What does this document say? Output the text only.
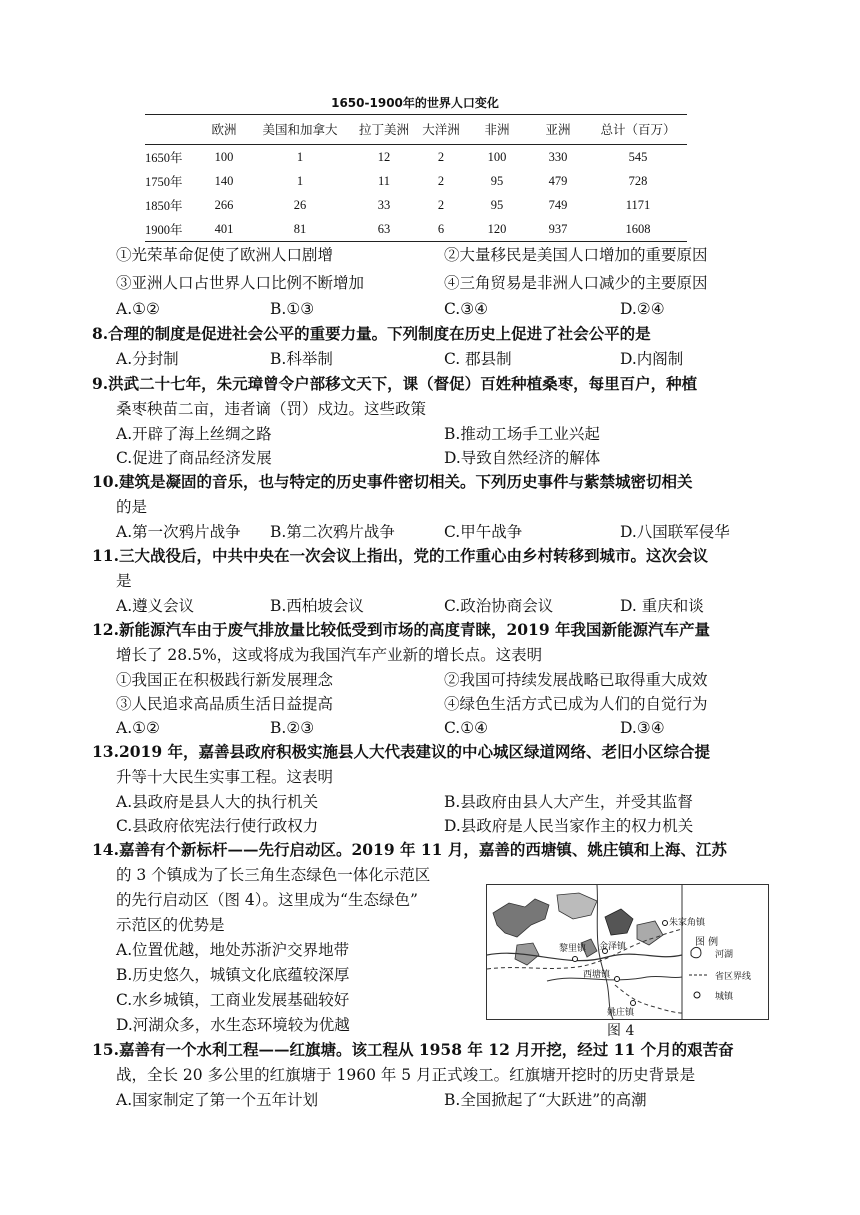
1650-1900年的世界人口变化
	欧洲	美国和加拿大	拉丁美洲	大洋洲	非洲	亚洲	总计（百万）
1650年	100	1	12	2	100	330	545
1750年	140	1	11	2	95	479	728
1850年	266	26	33	2	95	749	1171
1900年	401	81	63	6	120	937	1608
①光荣革命促使了欧洲人口剧增	②大量移民是美国人口增加的重要原因
③亚洲人口占世界人口比例不断增加	④三角贸易是非洲人口减少的主要原因
A.①②	B.①③	C.③④	D.②④
8.合理的制度是促进社会公平的重要力量。下列制度在历史上促进了社会公平的是
A.分封制	B.科举制	C. 郡县制	D.内阁制
9.洪武二十七年，朱元璋曾令户部移文天下，课（督促）百姓种植桑枣，每里百户，种植
桑枣秧苗二亩，违者谪（罚）戍边。这些政策
A.开辟了海上丝绸之路	B.推动工场手工业兴起
C.促进了商品经济发展	D.导致自然经济的解体
10.建筑是凝固的音乐，也与特定的历史事件密切相关。下列历史事件与紫禁城密切相关
的是
A.第一次鸦片战争 B.第二次鸦片战争	C.甲午战争	D.八国联军侵华
11.三大战役后，中共中央在一次会议上指出，党的工作重心由乡村转移到城市。这次会议
是
A.遵义会议	B.西柏坡会议	C.政治协商会议	D. 重庆和谈
12.新能源汽车由于废气排放量比较低受到市场的高度青睐，2019 年我国新能源汽车产量
增长了 28.5%，这或将成为我国汽车产业新的增长点。这表明
①我国正在积极践行新发展理念	②我国可持续发展战略已取得重大成效
③人民追求高品质生活日益提高	④绿色生活方式已成为人们的自觉行为
A.①②	B.②③	C.①④	D.③④
13.2019 年，嘉善县政府积极实施县人大代表建议的中心城区绿道网络、老旧小区综合提
升等十大民生实事工程。这表明
A.县政府是县人大的执行机关	B.县政府由县人大产生，并受其监督
C.县政府依宪法行使行政权力	D.县政府是人民当家作主的权力机关
14.嘉善有个新标杆——先行启动区。2019 年 11 月，嘉善的西塘镇、姚庄镇和上海、江苏
的 3 个镇成为了长三角生态绿色一体化示范区
的先行启动区（图 4）。这里成为“生态绿色”
示范区的优势是
A.位置优越，地处苏浙沪交界地带
B.历史悠久，城镇文化底蕴较深厚
C.水乡城镇，工商业发展基础较好
D.河湖众多，水生态环境较为优越
朱家角镇
黎里镇 金泽镇
西塘镇
姚庄镇
图 例
河湖
省区界线
城镇
图 4
15.嘉善有一个水利工程——红旗塘。该工程从 1958 年 12 月开挖，经过 11 个月的艰苦奋
战，全长 20 多公里的红旗塘于 1960 年 5 月正式竣工。红旗塘开挖时的历史背景是
A.国家制定了第一个五年计划	B.全国掀起了“大跃进”的高潮
